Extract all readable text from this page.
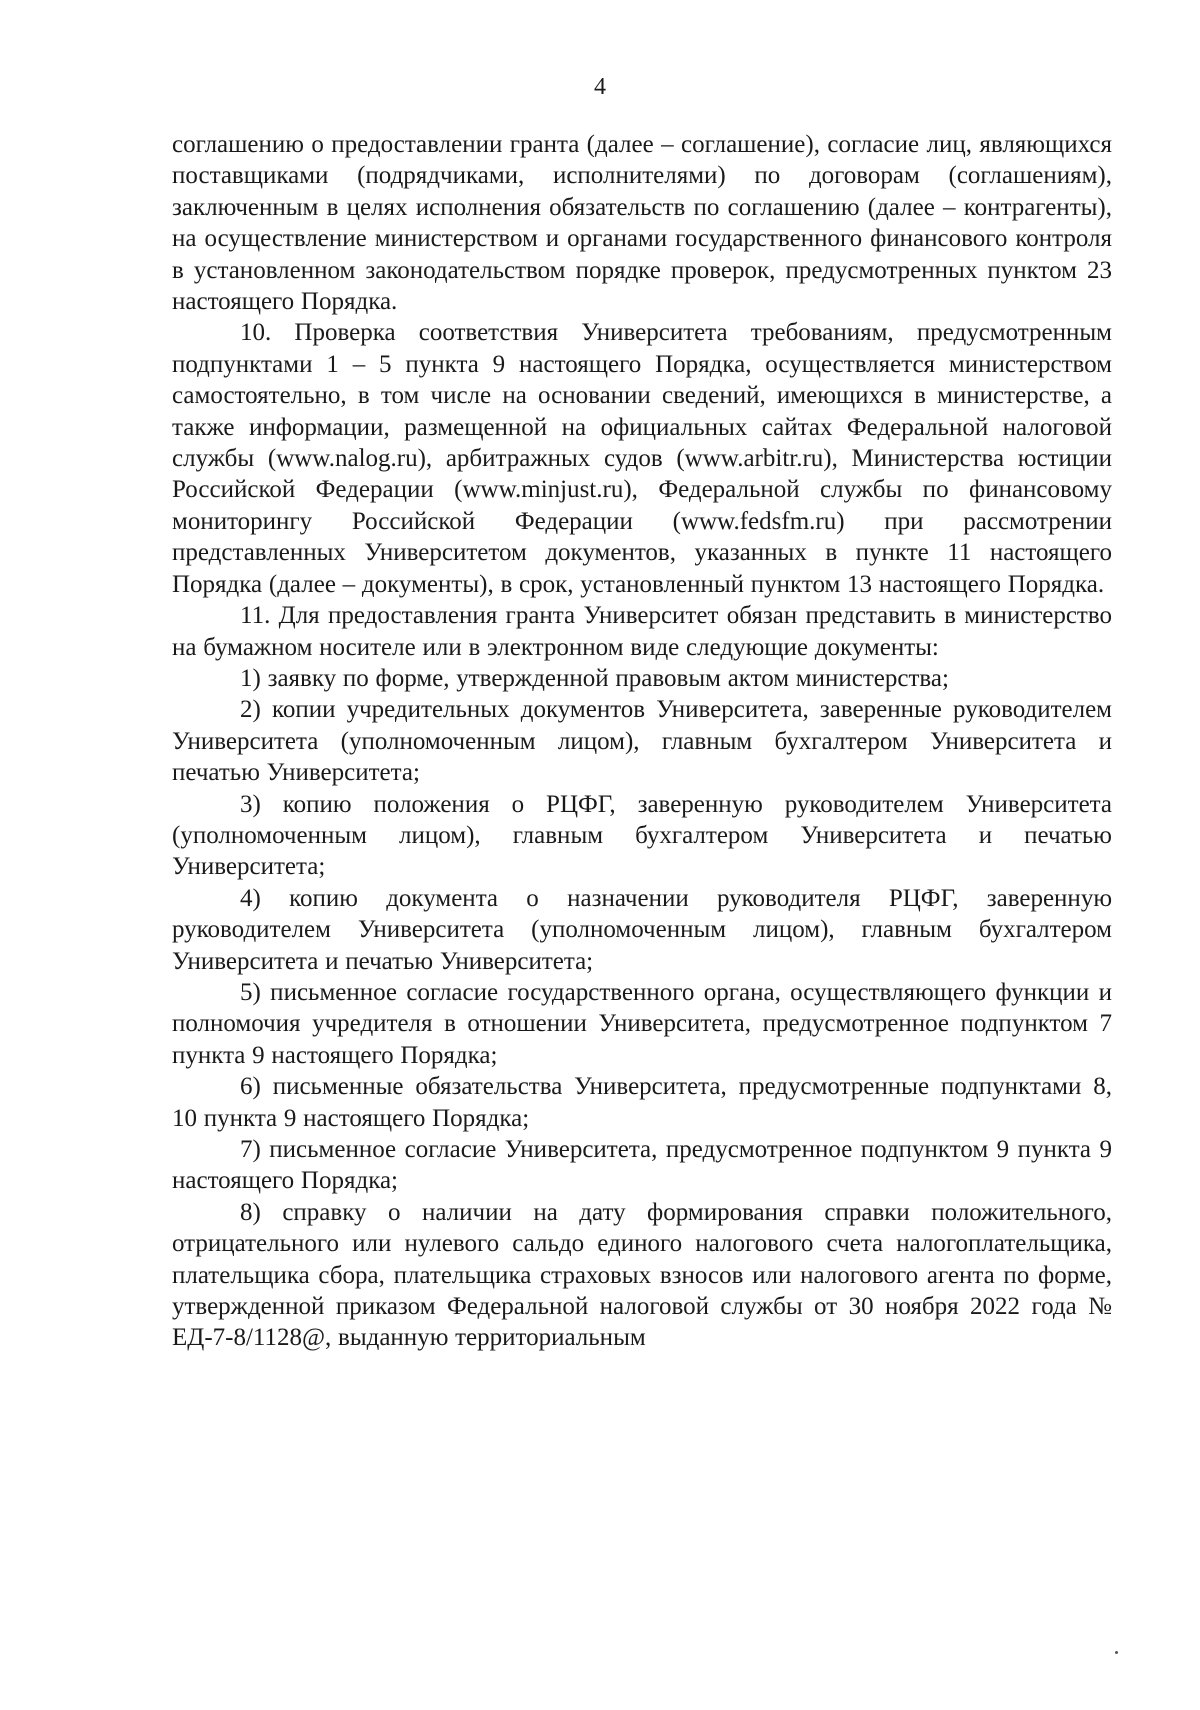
4

соглашению о предоставлении гранта (далее – соглашение), согласие лиц, являющихся поставщиками (подрядчиками, исполнителями) по договорам (соглашениям), заключенным в целях исполнения обязательств по соглашению (далее – контрагенты), на осуществление министерством и органами государственного финансового контроля в установленном законодательством порядке проверок, предусмотренных пунктом 23 настоящего Порядка.

10. Проверка соответствия Университета требованиям, предусмотренным подпунктами 1 – 5 пункта 9 настоящего Порядка, осуществляется министерством самостоятельно, в том числе на основании сведений, имеющихся в министерстве, а также информации, размещенной на официальных сайтах Федеральной налоговой службы (www.nalog.ru), арбитражных судов (www.arbitr.ru), Министерства юстиции Российской Федерации (www.minjust.ru), Федеральной службы по финансовому мониторингу Российской Федерации (www.fedsfm.ru) при рассмотрении представленных Университетом документов, указанных в пункте 11 настоящего Порядка (далее – документы), в срок, установленный пунктом 13 настоящего Порядка.

11. Для предоставления гранта Университет обязан представить в министерство на бумажном носителе или в электронном виде следующие документы:

1) заявку по форме, утвержденной правовым актом министерства;

2) копии учредительных документов Университета, заверенные руководителем Университета (уполномоченным лицом), главным бухгалтером Университета и печатью Университета;

3) копию положения о РЦФГ, заверенную руководителем Университета (уполномоченным лицом), главным бухгалтером Университета и печатью Университета;

4) копию документа о назначении руководителя РЦФГ, заверенную руководителем Университета (уполномоченным лицом), главным бухгалтером Университета и печатью Университета;

5) письменное согласие государственного органа, осуществляющего функции и полномочия учредителя в отношении Университета, предусмотренное подпунктом 7 пункта 9 настоящего Порядка;

6) письменные обязательства Университета, предусмотренные подпунктами 8, 10 пункта 9 настоящего Порядка;

7) письменное согласие Университета, предусмотренное подпунктом 9 пункта 9 настоящего Порядка;

8) справку о наличии на дату формирования справки положительного, отрицательного или нулевого сальдо единого налогового счета налогоплательщика, плательщика сбора, плательщика страховых взносов или налогового агента по форме, утвержденной приказом Федеральной налоговой службы от 30 ноября 2022 года № ЕД-7-8/1128@, выданную территориальным
